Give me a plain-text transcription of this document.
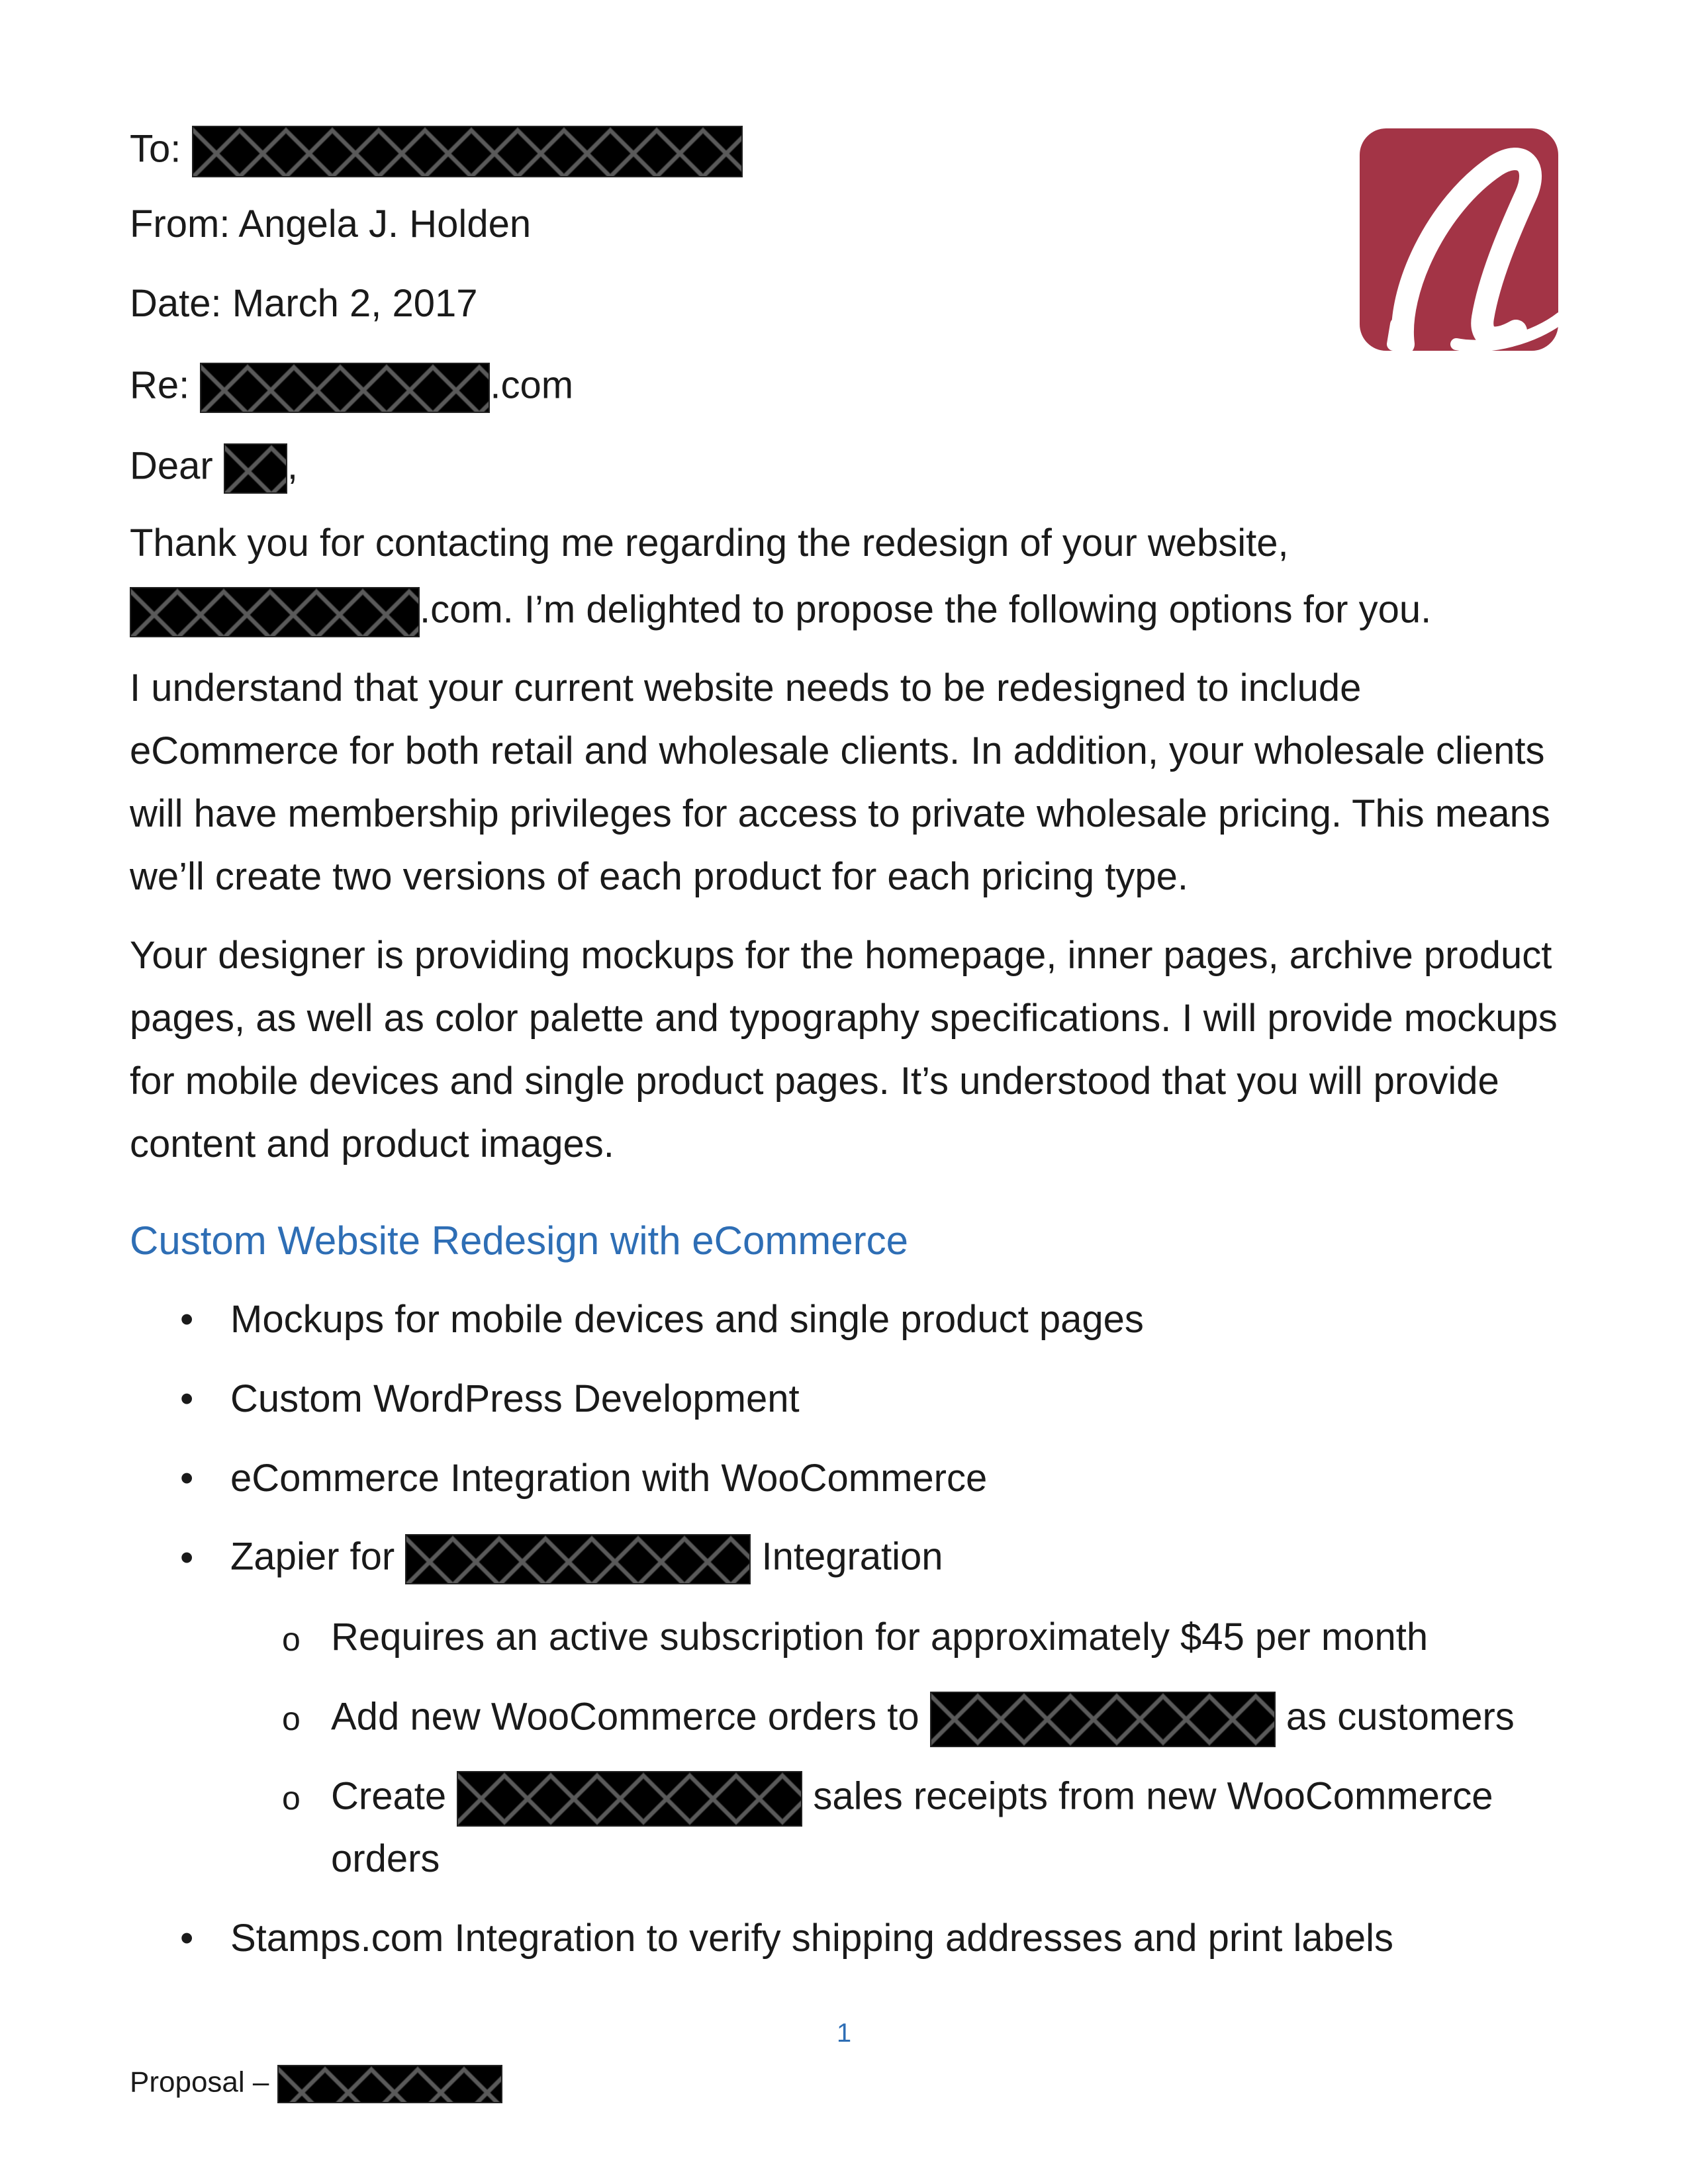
To:
From: Angela J. Holden
Date: March 2, 2017
Re:	.com
Dear ,
Thank you for contacting me regarding the redesign of your website,
.com. I’m delighted to propose the following options for you.
I understand that your current website needs to be redesigned to include eCommerce for both retail and wholesale clients. In addition, your wholesale clients will have membership privileges for access to private wholesale pricing. This means we’ll create two versions of each product for each pricing type.
Your designer is providing mockups for the homepage, inner pages, archive product pages, as well as color palette and typography specifications. I will provide mockups for mobile devices and single product pages. It’s understood that you will provide content and product images.
Custom Website Redesign with eCommerce
• Mockups for mobile devices and single product pages
• Custom WordPress Development
• eCommerce Integration with WooCommerce
• Zapier for	Integration
o Requires an active subscription for approximately $45 per month
o Add new WooCommerce orders to	as customers
o Create	sales receipts from new WooCommerce
orders
• Stamps.com Integration to verify shipping addresses and print labels
1
Proposal –
